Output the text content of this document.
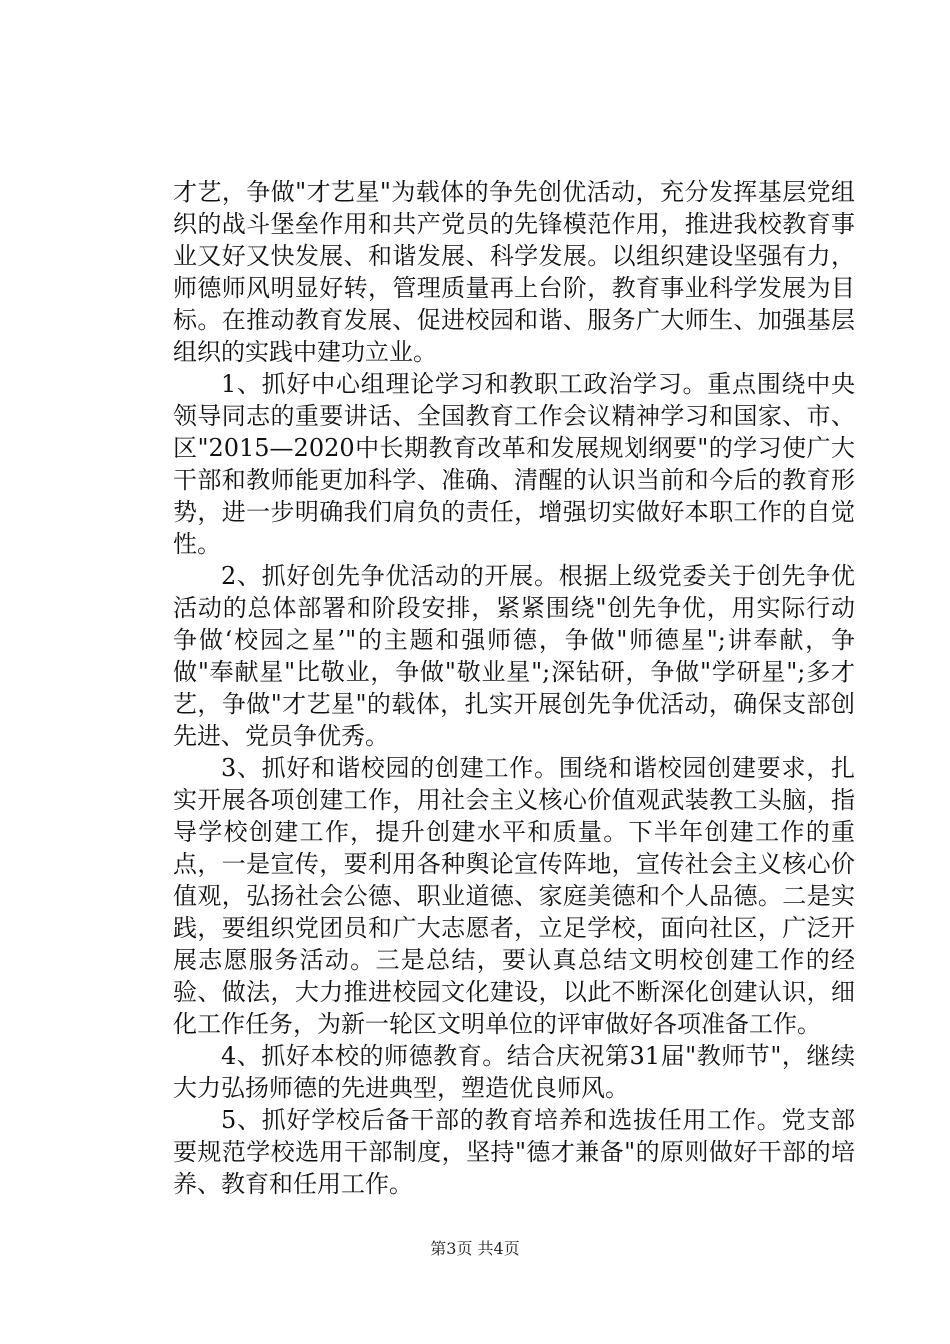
才艺，争做"才艺星"为载体的争先创优活动，充分发挥基层党组织的战斗堡垒作用和共产党员的先锋模范作用，推进我校教育事业又好又快发展、和谐发展、科学发展。以组织建设坚强有力，师德师风明显好转，管理质量再上台阶，教育事业科学发展为目标。在推动教育发展、促进校园和谐、服务广大师生、加强基层组织的实践中建功立业。

1、抓好中心组理论学习和教职工政治学习。重点围绕中央领导同志的重要讲话、全国教育工作会议精神学习和国家、市、区"2015—2020中长期教育改革和发展规划纲要"的学习使广大干部和教师能更加科学、准确、清醒的认识当前和今后的教育形势，进一步明确我们肩负的责任，增强切实做好本职工作的自觉性。

2、抓好创先争优活动的开展。根据上级党委关于创先争优活动的总体部署和阶段安排，紧紧围绕"创先争优，用实际行动争做‘校园之星’"的主题和强师德，争做"师德星";讲奉献，争做"奉献星"比敬业，争做"敬业星";深钻研，争做"学研星";多才艺，争做"才艺星"的载体，扎实开展创先争优活动，确保支部创先进、党员争优秀。

3、抓好和谐校园的创建工作。围绕和谐校园创建要求，扎实开展各项创建工作，用社会主义核心价值观武装教工头脑，指导学校创建工作，提升创建水平和质量。下半年创建工作的重点，一是宣传，要利用各种舆论宣传阵地，宣传社会主义核心价值观，弘扬社会公德、职业道德、家庭美德和个人品德。二是实践，要组织党团员和广大志愿者，立足学校，面向社区，广泛开展志愿服务活动。三是总结，要认真总结文明校创建工作的经验、做法，大力推进校园文化建设，以此不断深化创建认识，细化工作任务，为新一轮区文明单位的评审做好各项准备工作。

4、抓好本校的师德教育。结合庆祝第31届"教师节"，继续大力弘扬师德的先进典型，塑造优良师风。

5、抓好学校后备干部的教育培养和选拔任用工作。党支部要规范学校选用干部制度，坚持"德才兼备"的原则做好干部的培养、教育和任用工作。

第3页 共4页
